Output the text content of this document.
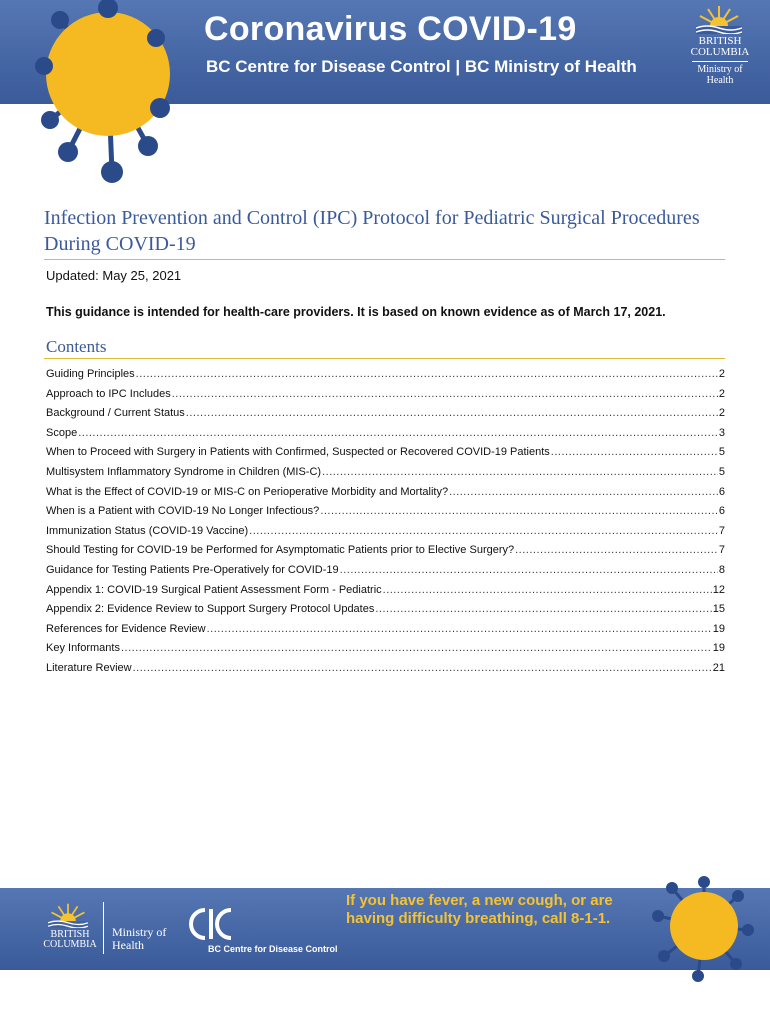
Coronavirus COVID-19
BC Centre for Disease Control | BC Ministry of Health
BRITISH
COLUMBIA
Ministry of
Health
Infection Prevention and Control (IPC) Protocol for Pediatric Surgical Procedures During COVID-19
Updated: May 25, 2021
This guidance is intended for health-care providers. It is based on known evidence as of March 17, 2021.
Contents
Guiding Principles .....	2
Approach to IPC Includes .....	2
Background / Current Status .....	2
Scope .....	3
When to Proceed with Surgery in Patients with Confirmed, Suspected or Recovered COVID-19 Patients .....	5
Multisystem Inflammatory Syndrome in Children (MIS-C) .....	5
What is the Effect of COVID-19 or MIS-C on Perioperative Morbidity and Mortality? .....	6
When is a Patient with COVID-19 No Longer Infectious? .....	6
Immunization Status (COVID-19 Vaccine) .....	7
Should Testing for COVID-19 be Performed for Asymptomatic Patients prior to Elective Surgery? .....	7
Guidance for Testing Patients Pre-Operatively for COVID-19 .....	8
Appendix 1: COVID-19 Surgical Patient Assessment Form - Pediatric .....	12
Appendix 2: Evidence Review to Support Surgery Protocol Updates .....	15
References for Evidence Review .....	19
Key Informants .....	19
Literature Review .....	21
BRITISH
COLUMBIA
Ministry of
Health	BC Centre for Disease Control
If you have fever, a new cough, or are
having difficulty breathing, call 8-1-1.
